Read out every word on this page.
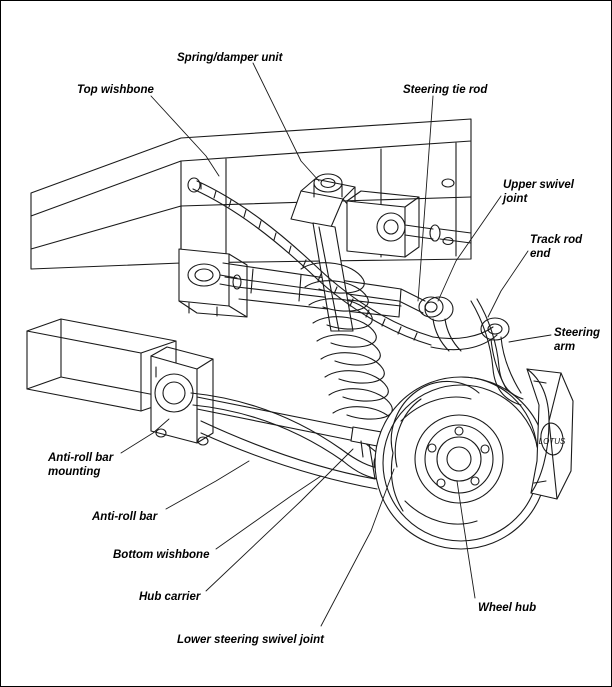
LOTUS
Spring/damper unit
Top wishbone	Steering tie rod
Upper swivel
joint
Track rod
end
Steering
arm
Anti-roll bar
mounting
Anti-roll bar
Bottom wishbone
Hub carrier
Lower steering swivel joint
Wheel hub
